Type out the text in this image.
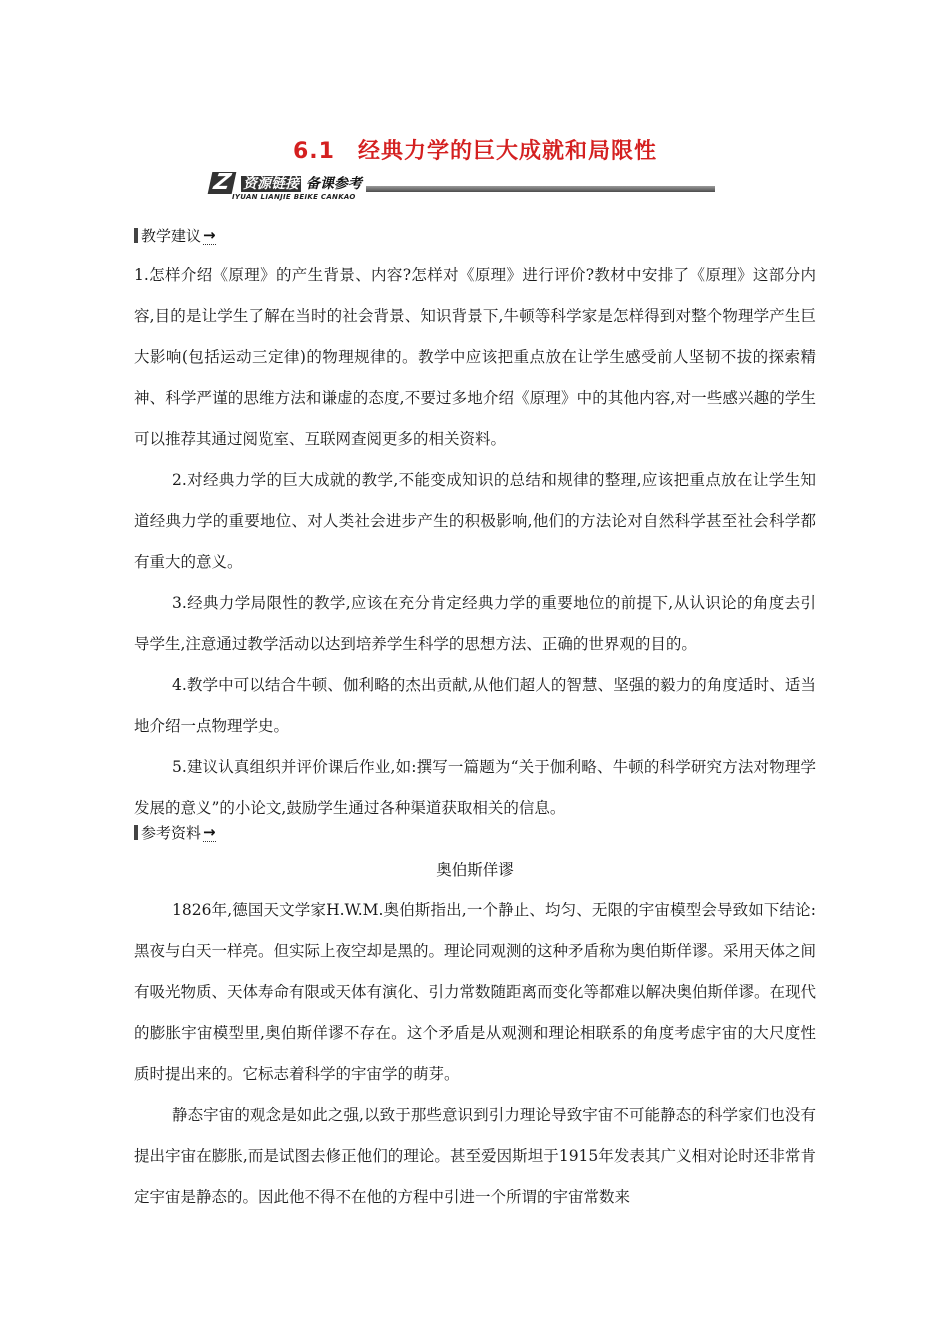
6.1　经典力学的巨大成就和局限性
Z 资源链接 备课参考
IYUAN LIANJIE BEIKE CANKAO
教学建议 →

1.怎样介绍《原理》的产生背景、内容?怎样对《原理》进行评价?教材中安排了《原理》这部分内容,目的是让学生了解在当时的社会背景、知识背景下,牛顿等科学家是怎样得到对整个物理学产生巨大影响(包括运动三定律)的物理规律的。教学中应该把重点放在让学生感受前人坚韧不拔的探索精神、科学严谨的思维方法和谦虚的态度,不要过多地介绍《原理》中的其他内容,对一些感兴趣的学生可以推荐其通过阅览室、互联网查阅更多的相关资料。

2.对经典力学的巨大成就的教学,不能变成知识的总结和规律的整理,应该把重点放在让学生知道经典力学的重要地位、对人类社会进步产生的积极影响,他们的方法论对自然科学甚至社会科学都有重大的意义。

3.经典力学局限性的教学,应该在充分肯定经典力学的重要地位的前提下,从认识论的角度去引导学生,注意通过教学活动以达到培养学生科学的思想方法、正确的世界观的目的。

4.教学中可以结合牛顿、伽利略的杰出贡献,从他们超人的智慧、坚强的毅力的角度适时、适当地介绍一点物理学史。

5.建议认真组织并评价课后作业,如:撰写一篇题为“关于伽利略、牛顿的科学研究方法对物理学发展的意义”的小论文,鼓励学生通过各种渠道获取相关的信息。

参考资料 →
奥伯斯佯谬

1826年,德国天文学家H.W.M.奥伯斯指出,一个静止、均匀、无限的宇宙模型会导致如下结论:黑夜与白天一样亮。但实际上夜空却是黑的。理论同观测的这种矛盾称为奥伯斯佯谬。采用天体之间有吸光物质、天体寿命有限或天体有演化、引力常数随距离而变化等都难以解决奥伯斯佯谬。在现代的膨胀宇宙模型里,奥伯斯佯谬不存在。这个矛盾是从观测和理论相联系的角度考虑宇宙的大尺度性质时提出来的。它标志着科学的宇宙学的萌芽。

静态宇宙的观念是如此之强,以致于那些意识到引力理论导致宇宙不可能静态的科学家们也没有提出宇宙在膨胀,而是试图去修正他们的理论。甚至爱因斯坦于1915年发表其广义相对论时还非常肯定宇宙是静态的。因此他不得不在他的方程中引进一个所谓的宇宙常数来
